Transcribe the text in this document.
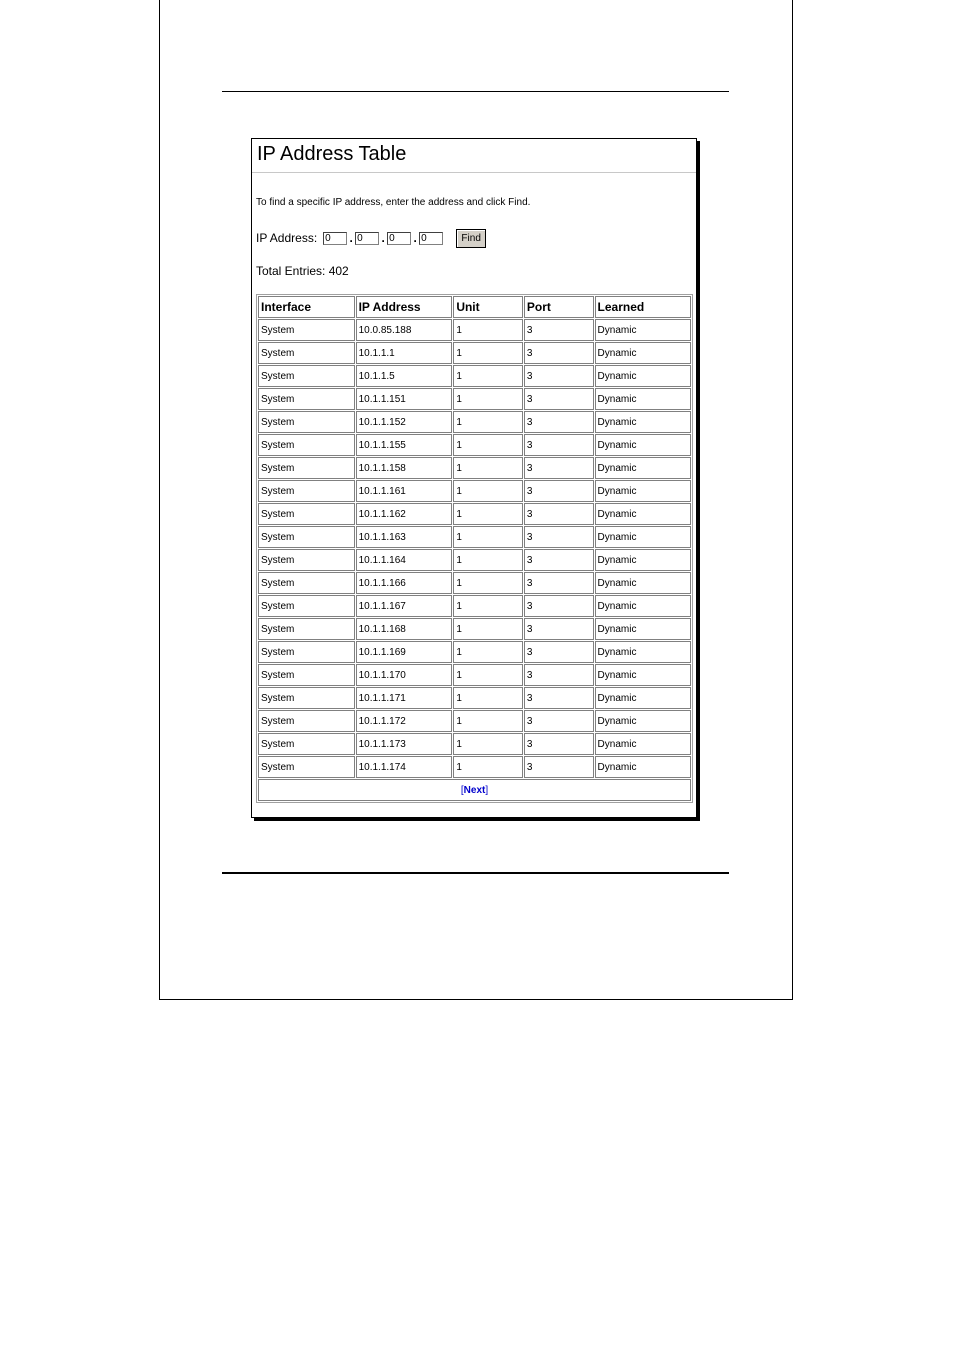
IP Address Table
To find a specific IP address, enter the address and click Find.
IP Address:
0	.
0 .
0 .
0	Find
Total Entries: 402
Interface	IP Address	Unit	Port	Learned
System	10.0.85.188	1	3	Dynamic
System	10.1.1.1	1	3	Dynamic
System	10.1.1.5	1	3	Dynamic
System	10.1.1.151	1	3	Dynamic
System	10.1.1.152	1	3	Dynamic
System	10.1.1.155	1	3	Dynamic
System	10.1.1.158	1	3	Dynamic
System	10.1.1.161	1	3	Dynamic
System	10.1.1.162	1	3	Dynamic
System	10.1.1.163	1	3	Dynamic
System	10.1.1.164	1	3	Dynamic
System	10.1.1.166	1	3	Dynamic
System	10.1.1.167	1	3	Dynamic
System	10.1.1.168	1	3	Dynamic
System	10.1.1.169	1	3	Dynamic
System	10.1.1.170	1	3	Dynamic
System	10.1.1.171	1	3	Dynamic
System	10.1.1.172	1	3	Dynamic
System	10.1.1.173	1	3	Dynamic
System	10.1.1.174	1	3	Dynamic
[Next]				
